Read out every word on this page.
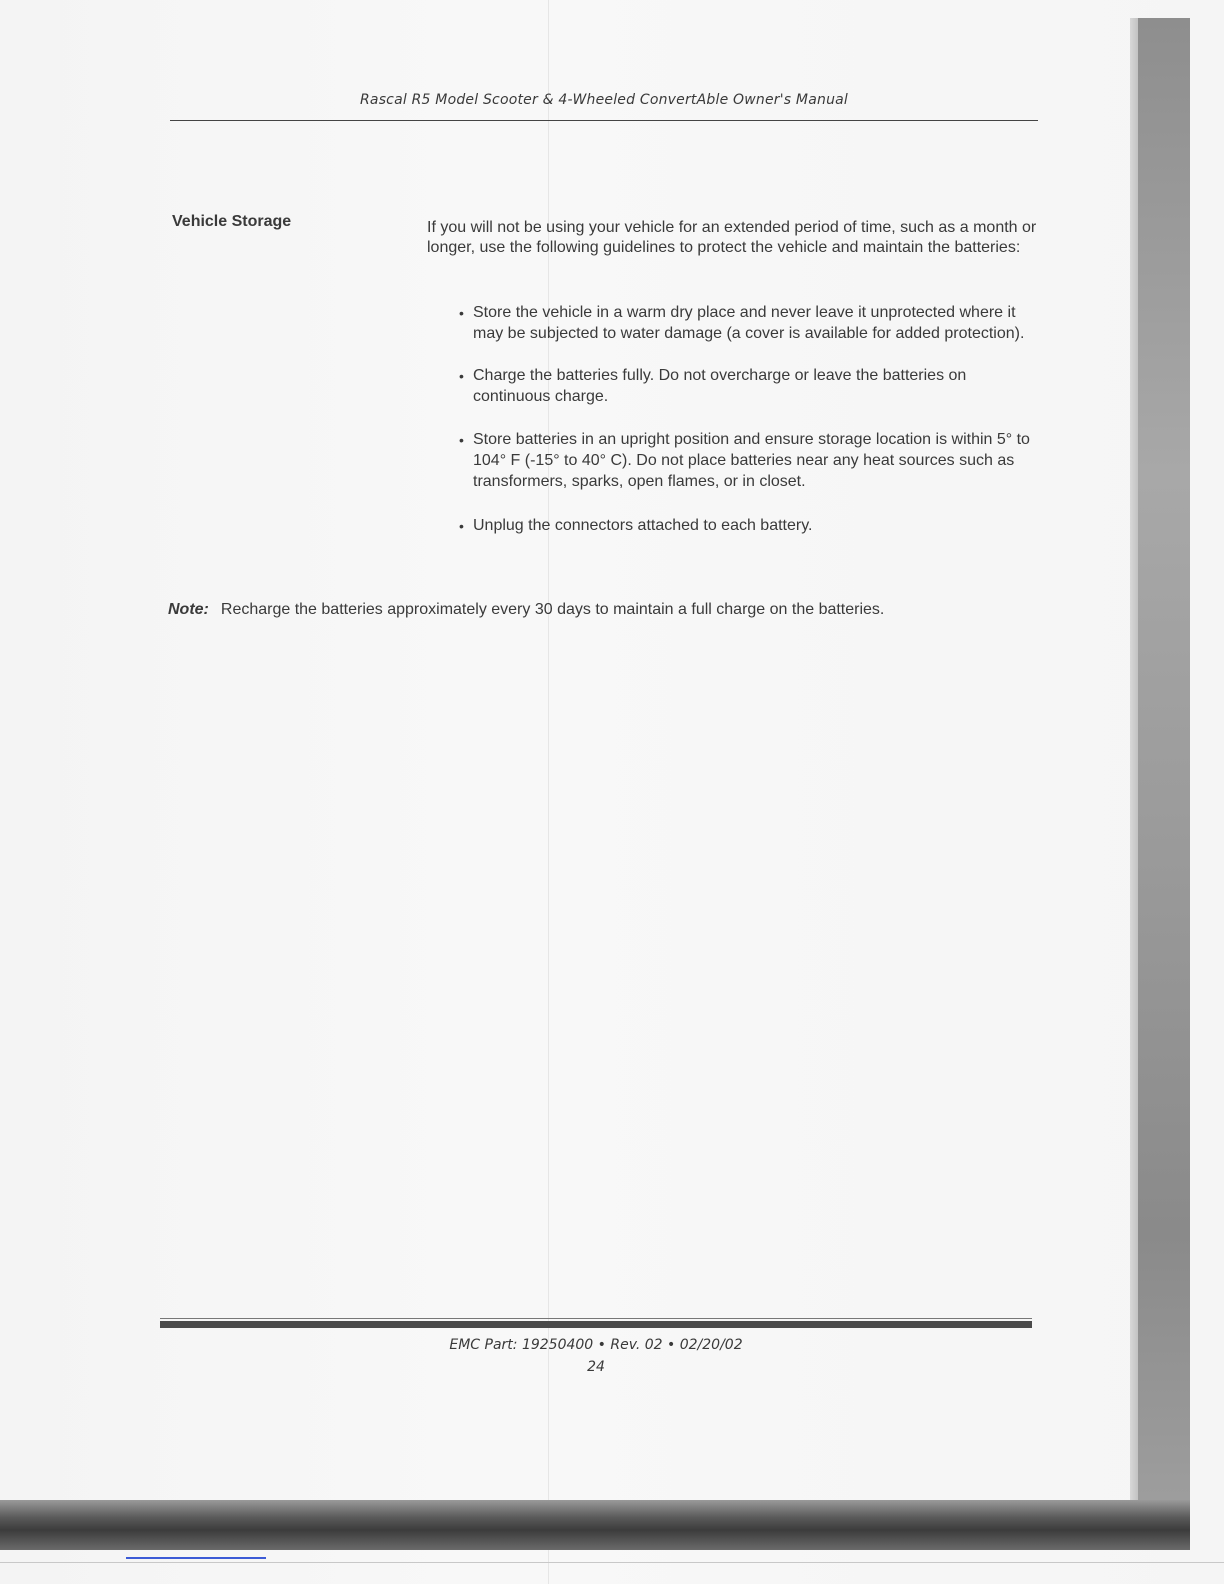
Rascal R5 Model Scooter & 4-Wheeled ConvertAble Owner's Manual
Vehicle Storage	If you will not be using your vehicle for an extended period of time, such as a month or longer, use the following guidelines to protect the vehicle and maintain the batteries:
• Store the vehicle in a warm dry place and never leave it unprotected where it may be subjected to water damage (a cover is available for added protection).
• Charge the batteries fully. Do not overcharge or leave the batteries on continuous charge.
• Store batteries in an upright position and ensure storage location is within 5° to 104° F (-15° to 40° C). Do not place batteries near any heat sources such as transformers, sparks, open flames, or in closet.
• Unplug the connectors attached to each battery.
Note: Recharge the batteries approximately every 30 days to maintain a full charge on the batteries.
EMC Part: 19250400 • Rev. 02 • 02/20/02
24
